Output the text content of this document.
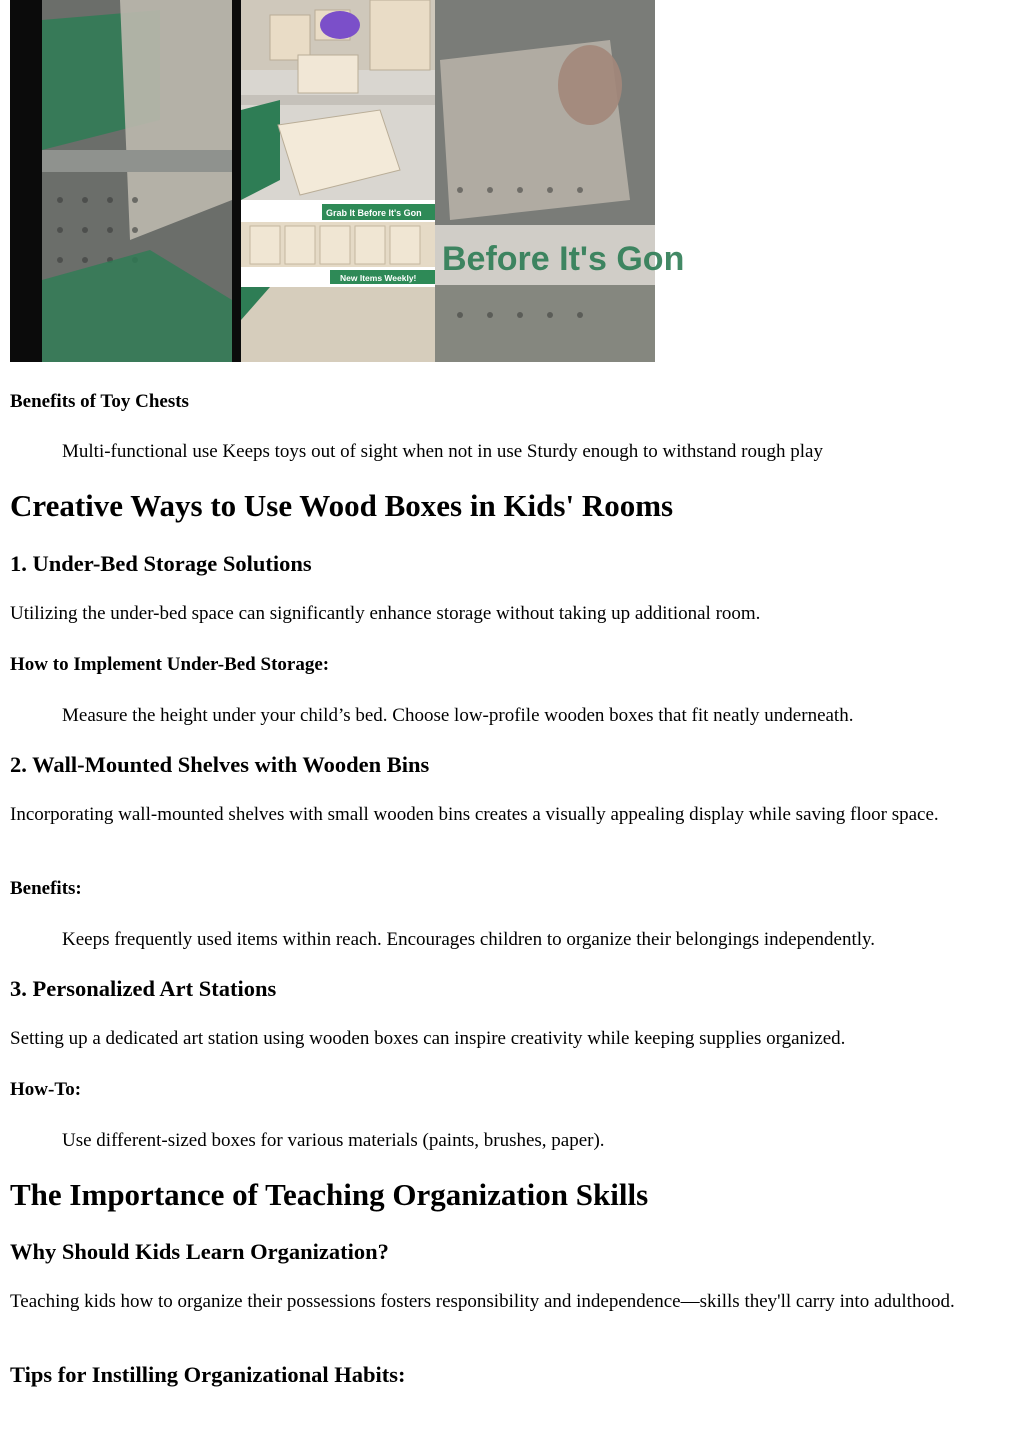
Grab It Before It's Gon
New Items Weekly! Before It's Gon
Benefits of Toy Chests

Multi-functional use Keeps toys out of sight when not in use Sturdy enough to withstand rough play

Creative Ways to Use Wood Boxes in Kids' Rooms
1. Under-Bed Storage Solutions

Utilizing the under-bed space can significantly enhance storage without taking up additional room.

How to Implement Under-Bed Storage:

Measure the height under your child’s bed. Choose low-profile wooden boxes that fit neatly underneath.

2. Wall-Mounted Shelves with Wooden Bins

Incorporating wall-mounted shelves with small wooden bins creates a visually appealing display while saving floor space.

Benefits:

Keeps frequently used items within reach. Encourages children to organize their belongings independently.

3. Personalized Art Stations

Setting up a dedicated art station using wooden boxes can inspire creativity while keeping supplies organized.

How-To:

Use different-sized boxes for various materials (paints, brushes, paper).

The Importance of Teaching Organization Skills
Why Should Kids Learn Organization?

Teaching kids how to organize their possessions fosters responsibility and independence—skills they'll carry into adulthood.

Tips for Instilling Organizational Habits:
